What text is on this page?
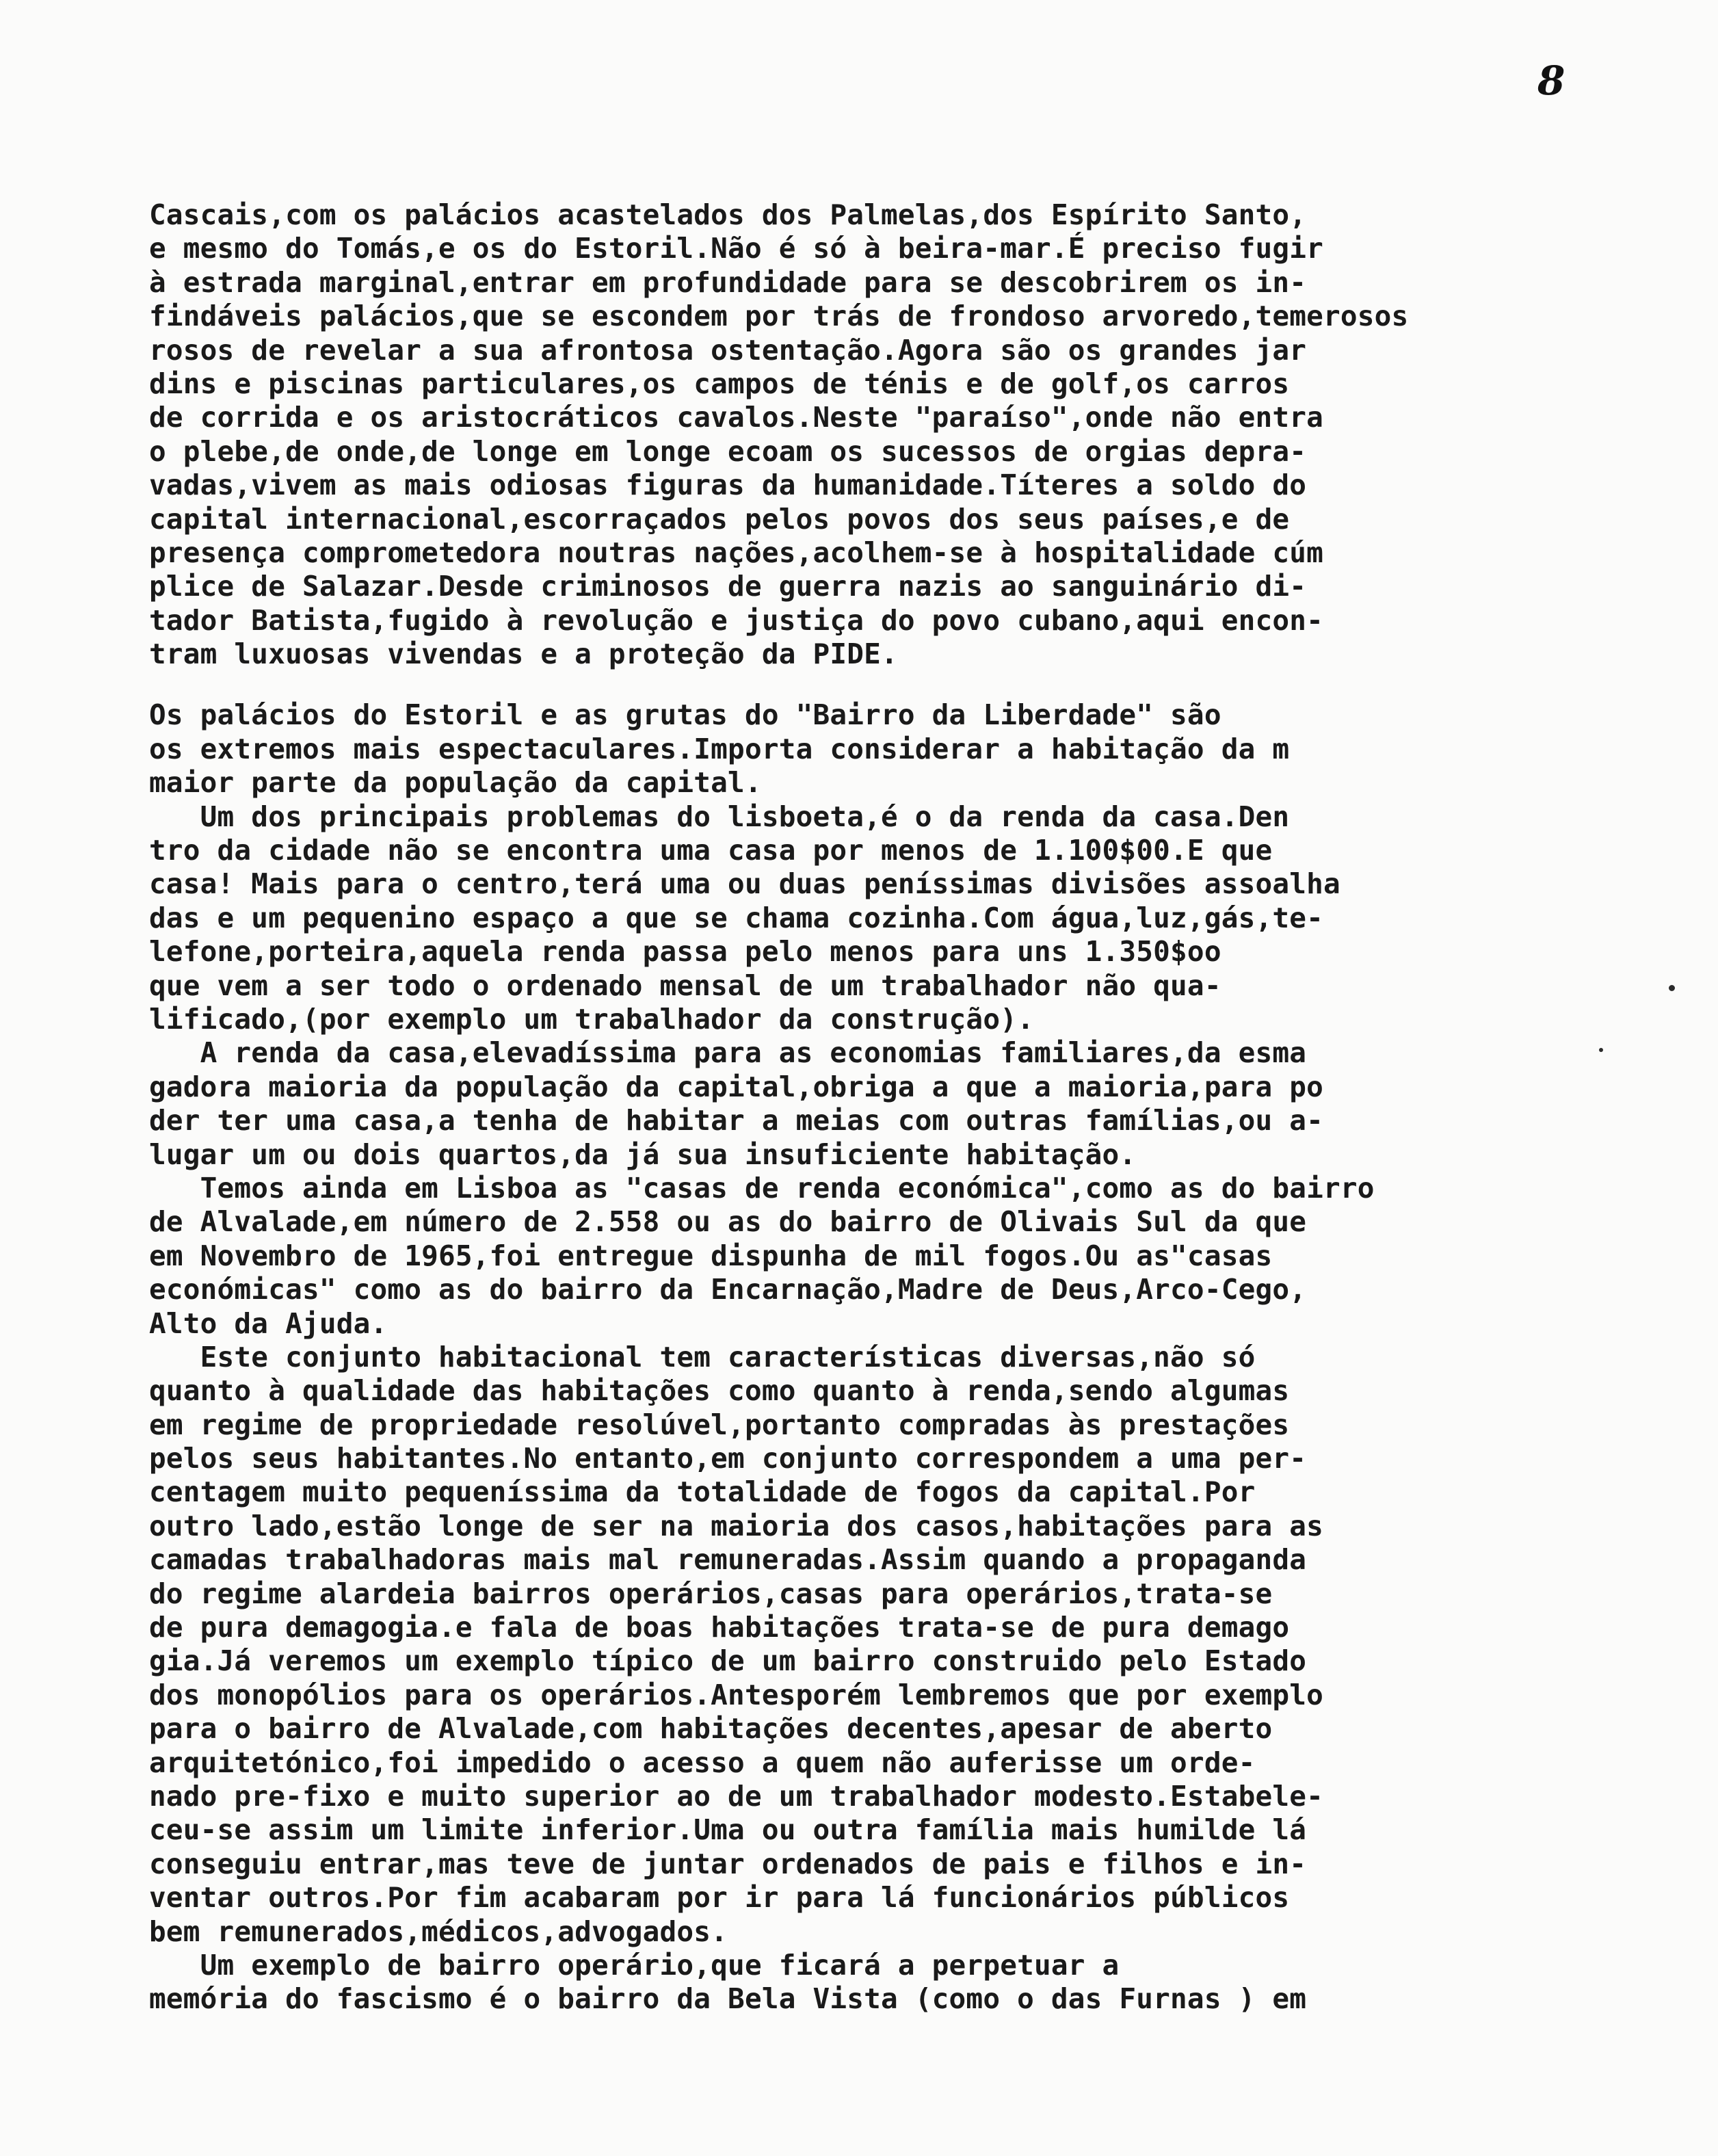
8
Cascais,com os palácios acastelados dos Palmelas,dos Espírito Santo,
e mesmo do Tomás,e os do Estoril.Não é só à beira-mar.É preciso fugir
à estrada marginal,entrar em profundidade para se descobrirem os in-
findáveis palácios,que se escondem por trás de frondoso arvoredo,temerosos
rosos de revelar a sua afrontosa ostentação.Agora são os grandes jar
dins e piscinas particulares,os campos de ténis e de golf,os carros
de corrida e os aristocráticos cavalos.Neste "paraíso",onde não entra
o plebe,de onde,de longe em longe ecoam os sucessos de orgias depra-
vadas,vivem as mais odiosas figuras da humanidade.Títeres a soldo do
capital internacional,escorraçados pelos povos dos seus países,e de
presença comprometedora noutras nações,acolhem-se à hospitalidade cúm
plice de Salazar.Desde criminosos de guerra nazis ao sanguinário di-
tador Batista,fugido à revolução e justiça do povo cubano,aqui encon-
tram luxuosas vivendas e a proteção da PIDE.
Os palácios do Estoril e as grutas do "Bairro da Liberdade" são
os extremos mais espectaculares.Importa considerar a habitação da m
maior parte da população da capital.
Um dos principais problemas do lisboeta,é o da renda da casa.Den
tro da cidade não se encontra uma casa por menos de 1.100$00.E que
casa! Mais para o centro,terá uma ou duas peníssimas divisões assoalha
das e um pequenino espaço a que se chama cozinha.Com água,luz,gás,te-
lefone,porteira,aquela renda passa pelo menos para uns 1.350$oo
que vem a ser todo o ordenado mensal de um trabalhador não qua-
lificado,(por exemplo um trabalhador da construção).
A renda da casa,elevadíssima para as economias familiares,da esma
gadora maioria da população da capital,obriga a que a maioria,para po
der ter uma casa,a tenha de habitar a meias com outras famílias,ou a-
lugar um ou dois quartos,da já sua insuficiente habitação.
Temos ainda em Lisboa as "casas de renda económica",como as do bairro
de Alvalade,em número de 2.558 ou as do bairro de Olivais Sul da que
em Novembro de 1965,foi entregue dispunha de mil fogos.Ou as"casas
económicas" como as do bairro da Encarnação,Madre de Deus,Arco-Cego,
Alto da Ajuda.
Este conjunto habitacional tem características diversas,não só
quanto à qualidade das habitações como quanto à renda,sendo algumas
em regime de propriedade resolúvel,portanto compradas às prestações
pelos seus habitantes.No entanto,em conjunto correspondem a uma per-
centagem muito pequeníssima da totalidade de fogos da capital.Por
outro lado,estão longe de ser na maioria dos casos,habitações para as
camadas trabalhadoras mais mal remuneradas.Assim quando a propaganda
do regime alardeia bairros operários,casas para operários,trata-se
de pura demagogia.e fala de boas habitações trata-se de pura demago
gia.Já veremos um exemplo típico de um bairro construido pelo Estado
dos monopólios para os operários.Antesporém lembremos que por exemplo
para o bairro de Alvalade,com habitações decentes,apesar de aberto
arquitetónico,foi impedido o acesso a quem não auferisse um orde-
nado pre-fixo e muito superior ao de um trabalhador modesto.Estabele-
ceu-se assim um limite inferior.Uma ou outra família mais humilde lá
conseguiu entrar,mas teve de juntar ordenados de pais e filhos e in-
ventar outros.Por fim acabaram por ir para lá funcionários públicos
bem remunerados,médicos,advogados.
Um exemplo de bairro operário,que ficará a perpetuar a
memória do fascismo é o bairro da Bela Vista (como o das Furnas ) em
